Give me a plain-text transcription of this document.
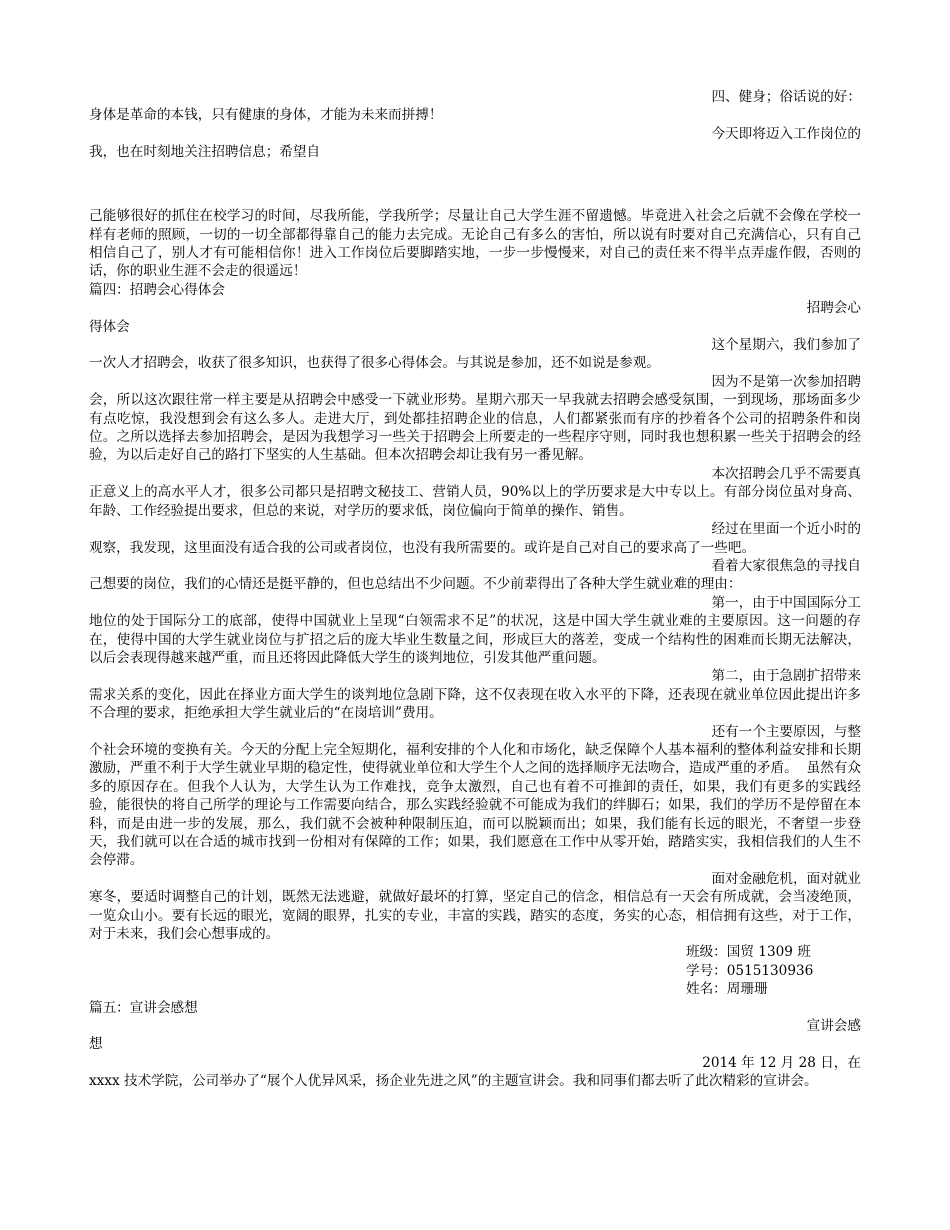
四、健身；俗话说的好：

身体是革命的本钱，只有健康的身体，才能为未来而拼搏！

今天即将迈入工作岗位的

我，也在时刻地关注招聘信息；希望自

己能够很好的抓住在校学习的时间，尽我所能，学我所学；尽量让自己大学生涯不留遗憾。毕竟进入社会之后就不会像在学校一样有老师的照顾，一切的一切全部都得靠自己的能力去完成。无论自己有多么的害怕，所以说有时要对自己充满信心，只有自己相信自己了，别人才有可能相信你！进入工作岗位后要脚踏实地，一步一步慢慢来，对自己的责任来不得半点弄虚作假，否则的话，你的职业生涯不会走的很遥远！

篇四：招聘会心得体会

招聘会心

得体会

这个星期六，我们参加了

一次人才招聘会，收获了很多知识，也获得了很多心得体会。与其说是参加，还不如说是参观。

因为不是第一次参加招聘

会，所以这次跟往常一样主要是从招聘会中感受一下就业形势。星期六那天一早我就去招聘会感受氛围，一到现场，那场面多少有点吃惊，我没想到会有这么多人。走进大厅，到处都挂招聘企业的信息，人们都紧张而有序的抄着各个公司的招聘条件和岗位。之所以选择去参加招聘会，是因为我想学习一些关于招聘会上所要走的一些程序守则，同时我也想积累一些关于招聘会的经验，为以后走好自己的路打下坚实的人生基础。但本次招聘会却让我有另一番见解。

本次招聘会几乎不需要真

正意义上的高水平人才，很多公司都只是招聘文秘技工、营销人员，90%以上的学历要求是大中专以上。有部分岗位虽对身高、年龄、工作经验提出要求，但总的来说，对学历的要求低，岗位偏向于简单的操作、销售。

经过在里面一个近小时的

观察，我发现，这里面没有适合我的公司或者岗位，也没有我所需要的。或许是自己对自己的要求高了一些吧。

看着大家很焦急的寻找自

己想要的岗位，我们的心情还是挺平静的，但也总结出不少问题。不少前辈得出了各种大学生就业难的理由：

第一，由于中国国际分工

地位的处于国际分工的底部，使得中国就业上呈现“白领需求不足”的状况，这是中国大学生就业难的主要原因。这一问题的存在，使得中国的大学生就业岗位与扩招之后的庞大毕业生数量之间，形成巨大的落差，变成一个结构性的困难而长期无法解决，以后会表现得越来越严重，而且还将因此降低大学生的谈判地位，引发其他严重问题。

第二，由于急剧扩招带来

需求关系的变化，因此在择业方面大学生的谈判地位急剧下降，这不仅表现在收入水平的下降，还表现在就业单位因此提出许多不合理的要求，拒绝承担大学生就业后的“在岗培训”费用。

还有一个主要原因，与整

个社会环境的变换有关。今天的分配上完全短期化，福利安排的个人化和市场化，缺乏保障个人基本福利的整体利益安排和长期激励，严重不利于大学生就业早期的稳定性，使得就业单位和大学生个人之间的选择顺序无法吻合，造成严重的矛盾。  虽然有众多的原因存在。但我个人认为，大学生认为工作难找，竞争太激烈，自己也有着不可推卸的责任，如果，我们有更多的实践经验，能很快的将自己所学的理论与工作需要向结合，那么实践经验就不可能成为我们的绊脚石；如果，我们的学历不是停留在本科，而是由进一步的发展，那么，我们就不会被种种限制压迫，而可以脱颖而出；如果，我们能有长远的眼光，不奢望一步登天，我们就可以在合适的城市找到一份相对有保障的工作；如果，我们愿意在工作中从零开始，踏踏实实，我相信我们的人生不会停滞。

面对金融危机，面对就业

寒冬，要适时调整自己的计划，既然无法逃避，就做好最坏的打算，坚定自己的信念，相信总有一天会有所成就，会当凌绝顶，一览众山小。要有长远的眼光，宽阔的眼界，扎实的专业，丰富的实践，踏实的态度，务实的心态，相信拥有这些，对于工作，对于未来，我们会心想事成的。

班级：国贸 1309 班

学号：0515130936

姓名：周珊珊

篇五：宣讲会感想

宣讲会感

想

2014 年 12 月 28 日，在

xxxx 技术学院，公司举办了“展个人优异风采，扬企业先进之风”的主题宣讲会。我和同事们都去听了此次精彩的宣讲会。
